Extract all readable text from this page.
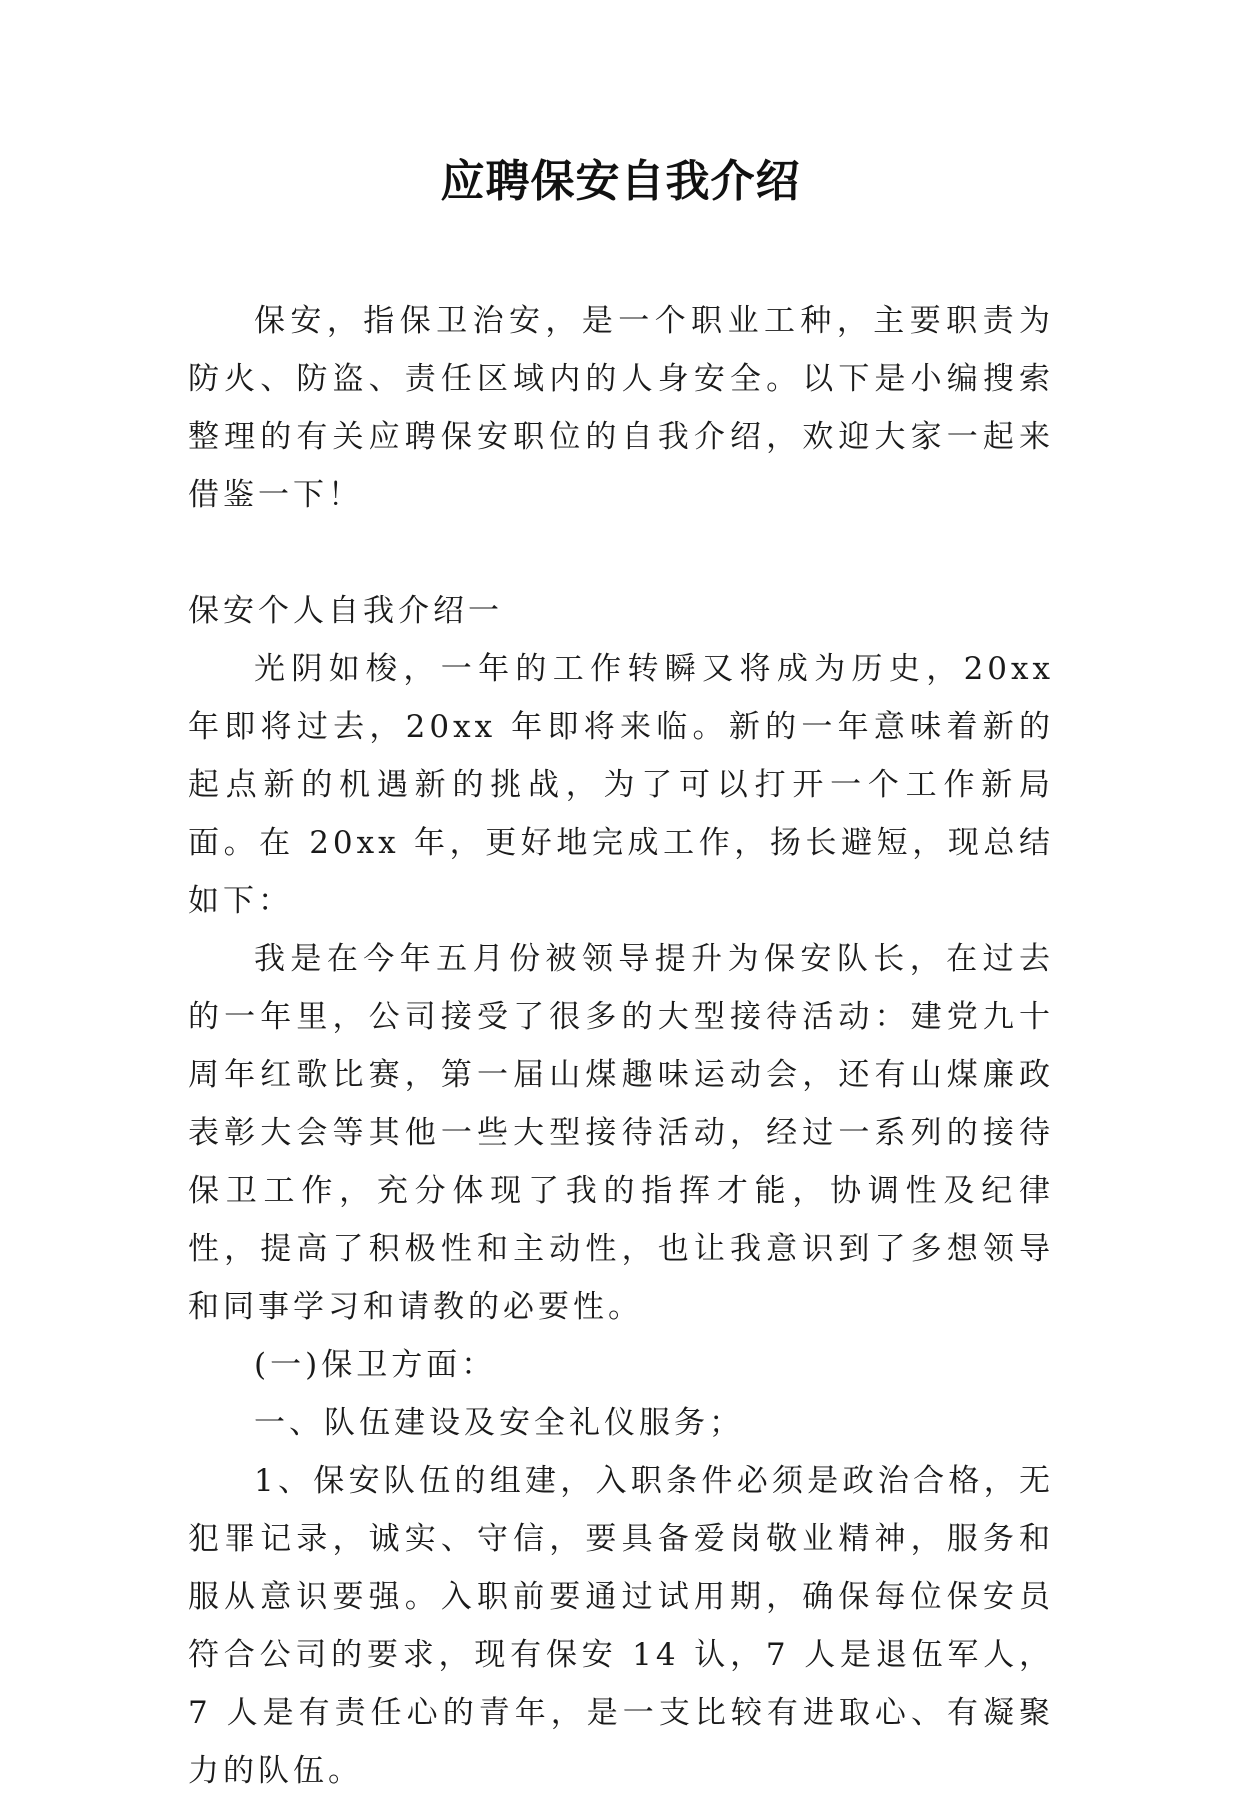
应聘保安自我介绍

保安，指保卫治安，是一个职业工种，主要职责为防火、防盗、责任区域内的人身安全。以下是小编搜索整理的有关应聘保安职位的自我介绍，欢迎大家一起来借鉴一下！

保安个人自我介绍一

光阴如梭，一年的工作转瞬又将成为历史，20xx 年即将过去，20xx 年即将来临。新的一年意味着新的起点新的机遇新的挑战，为了可以打开一个工作新局面。在 20xx 年，更好地完成工作，扬长避短，现总结如下：

我是在今年五月份被领导提升为保安队长，在过去的一年里，公司接受了很多的大型接待活动：建党九十周年红歌比赛，第一届山煤趣味运动会，还有山煤廉政表彰大会等其他一些大型接待活动，经过一系列的接待保卫工作，充分体现了我的指挥才能，协调性及纪律性，提高了积极性和主动性，也让我意识到了多想领导和同事学习和请教的必要性。

(一)保卫方面：

一、队伍建设及安全礼仪服务；

1、保安队伍的组建，入职条件必须是政治合格，无犯罪记录，诚实、守信，要具备爱岗敬业精神，服务和服从意识要强。入职前要通过试用期，确保每位保安员符合公司的要求，现有保安 14 认，7 人是退伍军人，7 人是有责任心的青年，是一支比较有进取心、有凝聚力的队伍。
